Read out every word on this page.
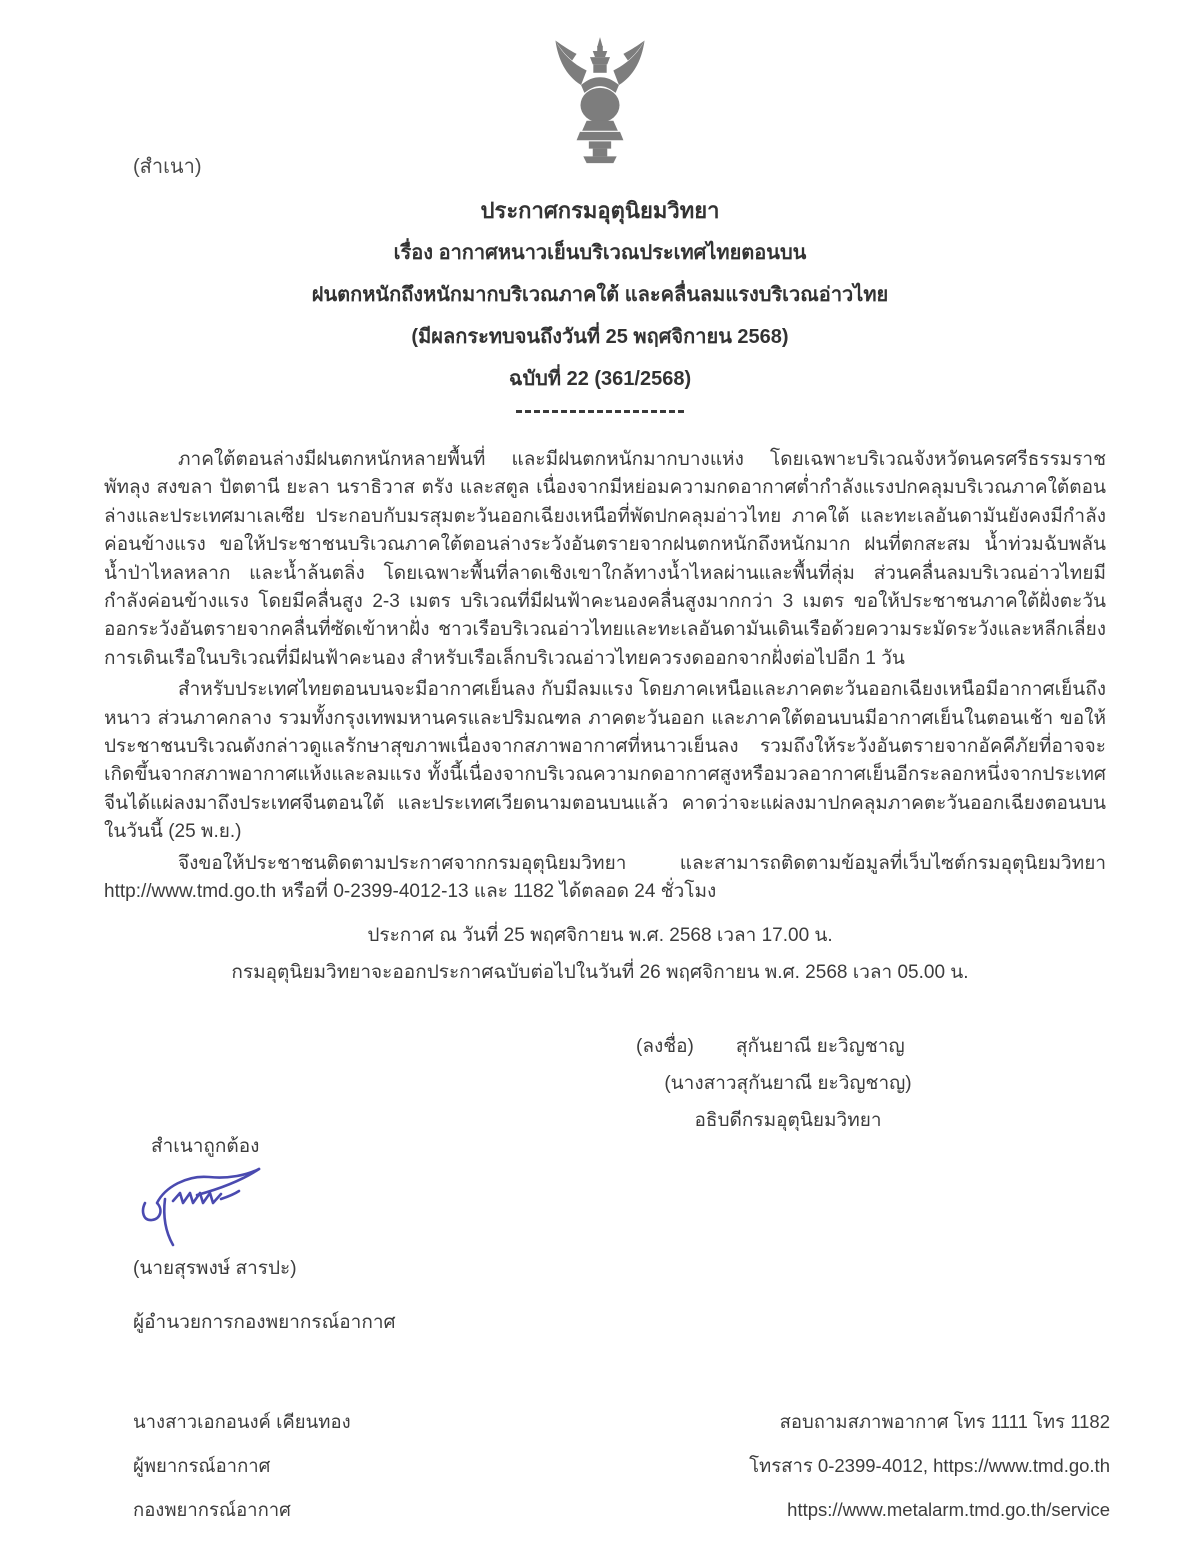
(สำเนา)
ประกาศกรมอุตุนิยมวิทยา
เรื่อง อากาศหนาวเย็นบริเวณประเทศไทยตอนบน
ฝนตกหนักถึงหนักมากบริเวณภาคใต้ และคลื่นลมแรงบริเวณอ่าวไทย
(มีผลกระทบจนถึงวันที่ 25 พฤศจิกายน 2568)
ฉบับที่ 22 (361/2568)

ภาคใต้ตอนล่างมีฝนตกหนักหลายพื้นที่ และมีฝนตกหนักมากบางแห่ง โดยเฉพาะบริเวณจังหวัดนครศรีธรรมราช พัทลุง สงขลา ปัตตานี ยะลา นราธิวาส ตรัง และสตูล เนื่องจากมีหย่อมความกดอากาศต่ำกำลังแรงปกคลุมบริเวณภาคใต้ตอนล่างและประเทศมาเลเซีย ประกอบกับมรสุมตะวันออกเฉียงเหนือที่พัดปกคลุมอ่าวไทย ภาคใต้ และทะเลอันดามันยังคงมีกำลังค่อนข้างแรง ขอให้ประชาชนบริเวณภาคใต้ตอนล่างระวังอันตรายจากฝนตกหนักถึงหนักมาก ฝนที่ตกสะสม น้ำท่วมฉับพลัน น้ำป่าไหลหลาก และน้ำล้นตลิ่ง โดยเฉพาะพื้นที่ลาดเชิงเขาใกล้ทางน้ำไหลผ่านและพื้นที่ลุ่ม ส่วนคลื่นลมบริเวณอ่าวไทยมีกำลังค่อนข้างแรง โดยมีคลื่นสูง 2-3 เมตร บริเวณที่มีฝนฟ้าคะนองคลื่นสูงมากกว่า 3 เมตร ขอให้ประชาชนภาคใต้ฝั่งตะวันออกระวังอันตรายจากคลื่นที่ซัดเข้าหาฝั่ง ชาวเรือบริเวณอ่าวไทยและทะเลอันดามันเดินเรือด้วยความระมัดระวังและหลีกเลี่ยงการเดินเรือในบริเวณที่มีฝนฟ้าคะนอง สำหรับเรือเล็กบริเวณอ่าวไทยควรงดออกจากฝั่งต่อไปอีก 1 วัน

สำหรับประเทศไทยตอนบนจะมีอากาศเย็นลง กับมีลมแรง โดยภาคเหนือและภาคตะวันออกเฉียงเหนือมีอากาศเย็นถึงหนาว ส่วนภาคกลาง รวมทั้งกรุงเทพมหานครและปริมณฑล ภาคตะวันออก และภาคใต้ตอนบนมีอากาศเย็นในตอนเช้า ขอให้ประชาชนบริเวณดังกล่าวดูแลรักษาสุขภาพเนื่องจากสภาพอากาศที่หนาวเย็นลง รวมถึงให้ระวังอันตรายจากอัคคีภัยที่อาจจะเกิดขึ้นจากสภาพอากาศแห้งและลมแรง ทั้งนี้เนื่องจากบริเวณความกดอากาศสูงหรือมวลอากาศเย็นอีกระลอกหนึ่งจากประเทศจีนได้แผ่ลงมาถึงประเทศจีนตอนใต้ และประเทศเวียดนามตอนบนแล้ว คาดว่าจะแผ่ลงมาปกคลุมภาคตะวันออกเฉียงตอนบนในวันนี้ (25 พ.ย.)

จึงขอให้ประชาชนติดตามประกาศจากกรมอุตุนิยมวิทยา และสามารถติดตามข้อมูลที่เว็บไซต์กรมอุตุนิยมวิทยา http://www.tmd.go.th หรือที่ 0-2399-4012-13 และ 1182 ได้ตลอด 24 ชั่วโมง

ประกาศ ณ วันที่ 25 พฤศจิกายน พ.ศ. 2568 เวลา 17.00 น.
กรมอุตุนิยมวิทยาจะออกประกาศฉบับต่อไปในวันที่ 26 พฤศจิกายน พ.ศ. 2568 เวลา 05.00 น.
(ลงชื่อ) สุกันยาณี ยะวิญชาญ
(นางสาวสุกันยาณี ยะวิญชาญ)
อธิบดีกรมอุตุนิยมวิทยา
สำเนาถูกต้อง
(นายสุรพงษ์ สารปะ)
ผู้อำนวยการกองพยากรณ์อากาศ
นางสาวเอกอนงค์ เคียนทอง
ผู้พยากรณ์อากาศ
กองพยากรณ์อากาศ
สอบถามสภาพอากาศ โทร 1111 โทร 1182
โทรสาร 0-2399-4012, https://www.tmd.go.th
https://www.metalarm.tmd.go.th/service
